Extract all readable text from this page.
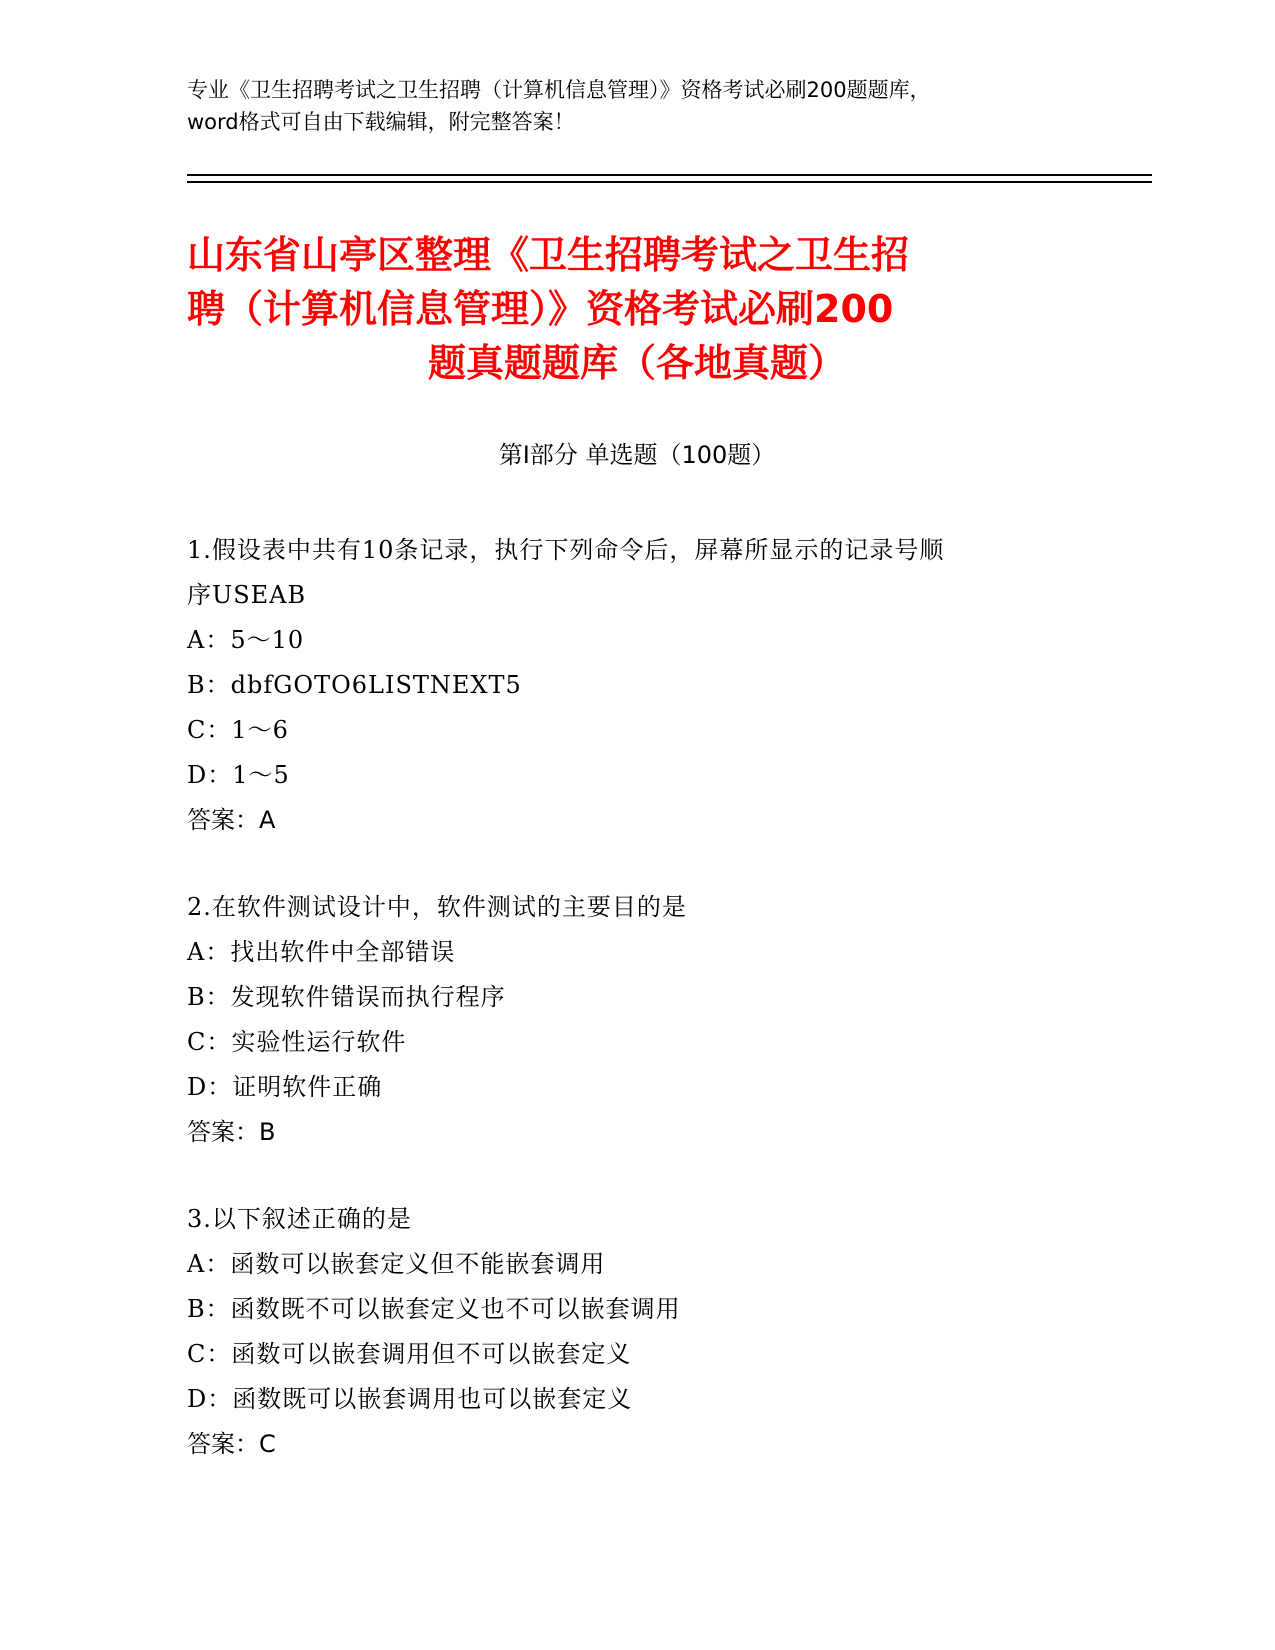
专业《卫生招聘考试之卫生招聘（计算机信息管理）》资格考试必刷200题题库，
word格式可自由下载编辑，附完整答案！
山东省山亭区整理《卫生招聘考试之卫生招
聘（计算机信息管理）》资格考试必刷200
题真题题库（各地真题）
第Ⅰ部分 单选题（100题）
1.假设表中共有10条记录，执行下列命令后，屏幕所显示的记录号顺
序USEAB
A：5～10
B：dbfGOTO6LISTNEXT5
C：1～6
D：1～5
答案：A
2.在软件测试设计中，软件测试的主要目的是
A：找出软件中全部错误
B：发现软件错误而执行程序
C：实验性运行软件
D：证明软件正确
答案：B
3.以下叙述正确的是
A：函数可以嵌套定义但不能嵌套调用
B：函数既不可以嵌套定义也不可以嵌套调用
C：函数可以嵌套调用但不可以嵌套定义
D：函数既可以嵌套调用也可以嵌套定义
答案：C
